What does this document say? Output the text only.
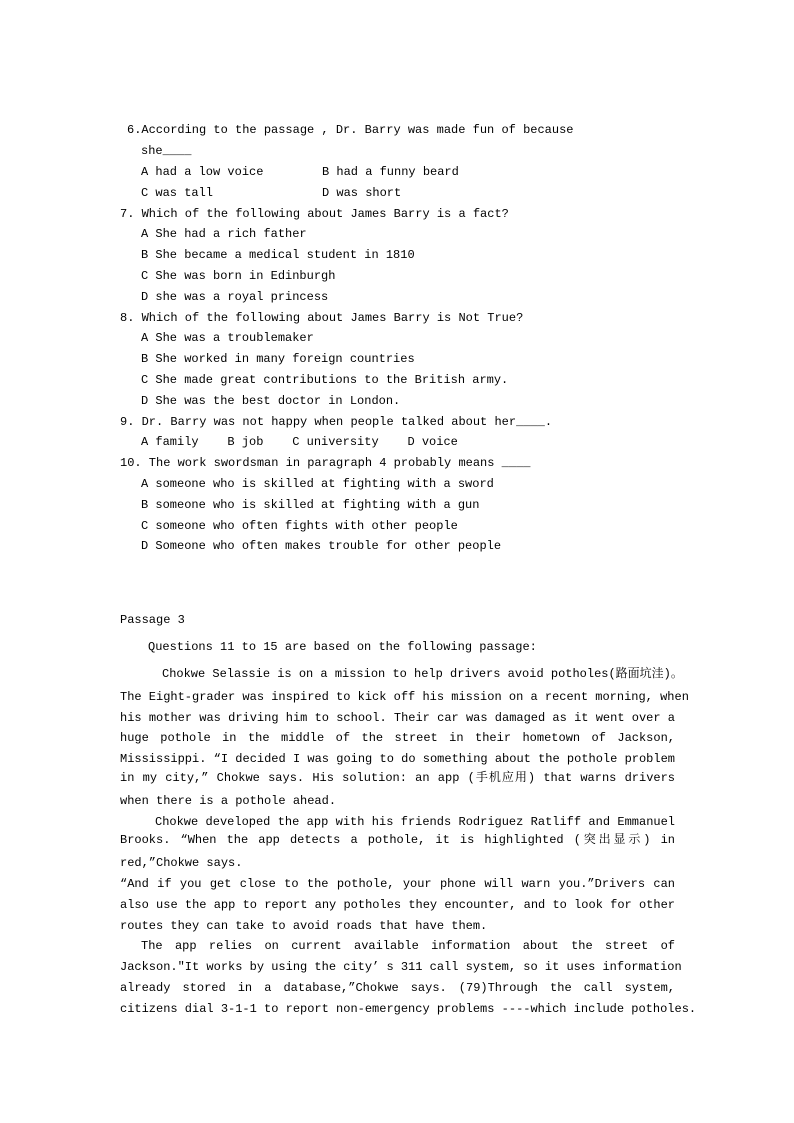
6.According to the passage , Dr. Barry was made fun of because

she____

A had a low voice	B had a funny beard

C was tall	D was short

7. Which of the following about James Barry is a fact?

A She had a rich father

B She became a medical student in 1810

C She was born in Edinburgh

D she was a royal princess

8. Which of the following about James Barry is Not True?

A She was a troublemaker

B She worked in many foreign countries

C She made great contributions to the British army.

D She was the best doctor in London.

9. Dr. Barry was not happy when people talked about her____.

A family    B job    C university    D voice

10. The work swordsman in paragraph 4 probably means ____

A someone who is skilled at fighting with a sword

B someone who is skilled at fighting with a gun

C someone who often fights with other people

D Someone who often makes trouble for other people

Passage 3

Questions 11 to 15 are based on the following passage:

Chokwe Selassie is on a mission to help drivers avoid potholes(路面坑洼)。

The Eight-grader was inspired to kick off his mission on a recent morning, when

his mother was driving him to school. Their car was damaged as it went over a

huge pothole in the middle of the street in their hometown of Jackson,

Mississippi. “I decided I was going to do something about the pothole problem

in my city,” Chokwe says. His solution: an app (手机应用) that warns drivers

when there is a pothole ahead.

Chokwe developed the app with his friends Rodriguez Ratliff and Emmanuel

Brooks. “When the app detects a pothole, it is highlighted (突出显示) in

red,”Chokwe says.

“And if you get close to the pothole, your phone will warn you.”Drivers can

also use the app to report any potholes they encounter, and to look for other

routes they can take to avoid roads that have them.

The app relies on current available information about the street of

Jackson.″It works by using the city’ s 311 call system, so it uses information

already stored in a database,”Chokwe says. (79)Through the call system,

citizens dial 3-1-1 to report non-emergency problems ----which include potholes.
